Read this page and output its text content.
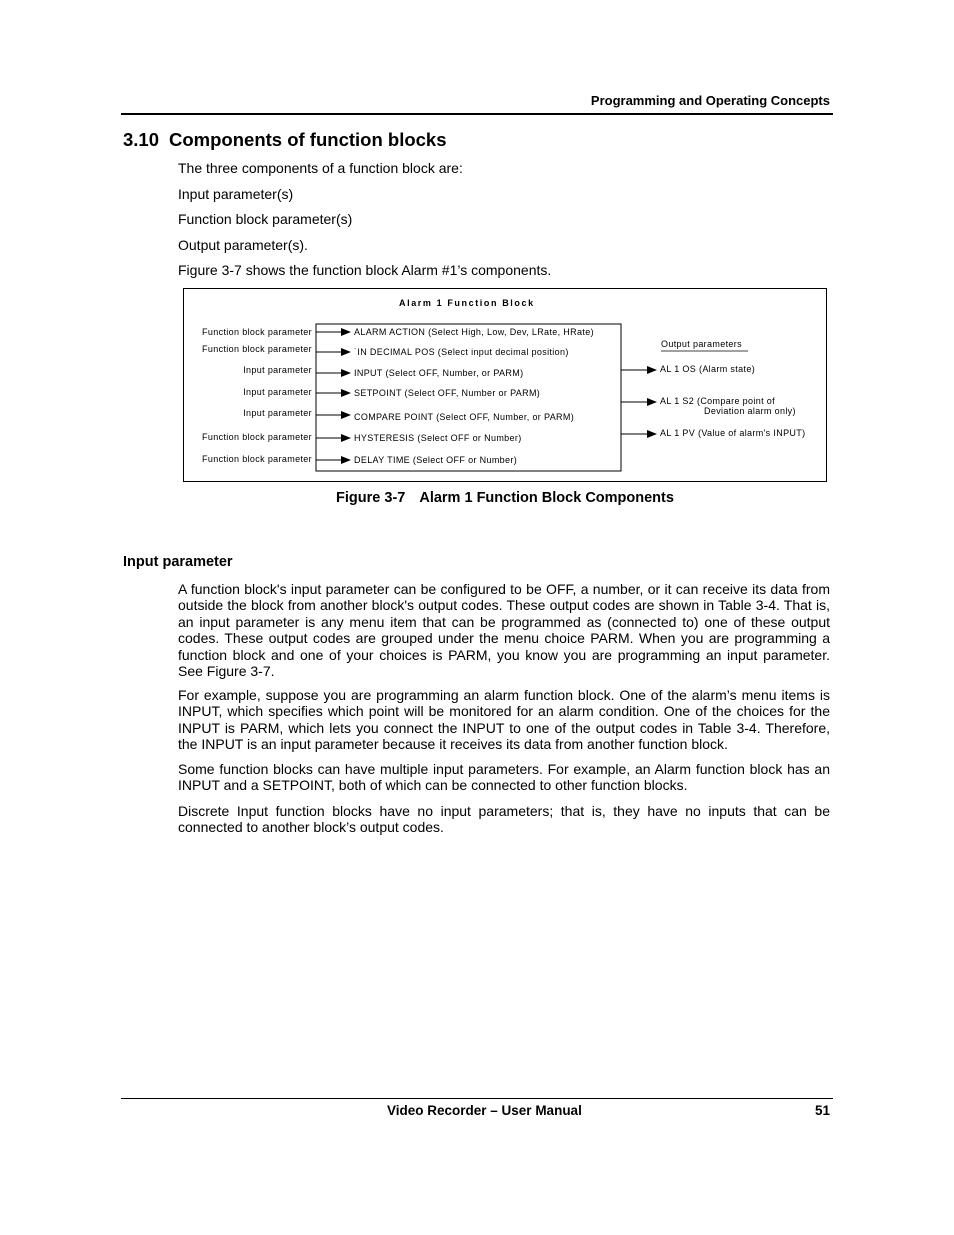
Programming and Operating Concepts
3.10 Components of function blocks
The three components of a function block are:
Input parameter(s)
Function block parameter(s)
Output parameter(s).
Figure 3-7 shows the function block Alarm #1’s components.
Alarm 1 Function Block
Function block parameter
Function block parameter
Input parameter
Input parameter
Input parameter
Function block parameter
Function block parameter
ALARM ACTION (Select High, Low, Dev, LRate, HRate)
˙IN DECIMAL POS (Select input decimal position)
INPUT (Select OFF, Number, or PARM)
SETPOINT (Select OFF, Number or PARM)
COMPARE POINT (Select OFF, Number, or PARM)
HYSTERESIS (Select OFF or Number)
DELAY TIME (Select OFF or Number)
Output parameters
AL 1 OS (Alarm state)
AL 1 S2 (Compare point of
Deviation alarm only)
AL 1 PV (Value of alarm's INPUT)
Figure 3-7 Alarm 1 Function Block Components
Input parameter

A function block's input parameter can be configured to be OFF, a number, or it can receive its data from outside the block from another block's output codes. These output codes are shown in Table 3-4. That is, an input parameter is any menu item that can be programmed as (connected to) one of these output codes. These output codes are grouped under the menu choice PARM. When you are programming a function block and one of your choices is PARM, you know you are programming an input parameter. See Figure 3-7.

For example, suppose you are programming an alarm function block. One of the alarm’s menu items is INPUT, which specifies which point will be monitored for an alarm condition. One of the choices for the INPUT is PARM, which lets you connect the INPUT to one of the output codes in Table 3-4. Therefore, the INPUT is an input parameter because it receives its data from another function block.

Some function blocks can have multiple input parameters. For example, an Alarm function block has an INPUT and a SETPOINT, both of which can be connected to other function blocks.

Discrete Input function blocks have no input parameters; that is, they have no inputs that can be connected to another block’s output codes.

Video Recorder – User Manual	51
